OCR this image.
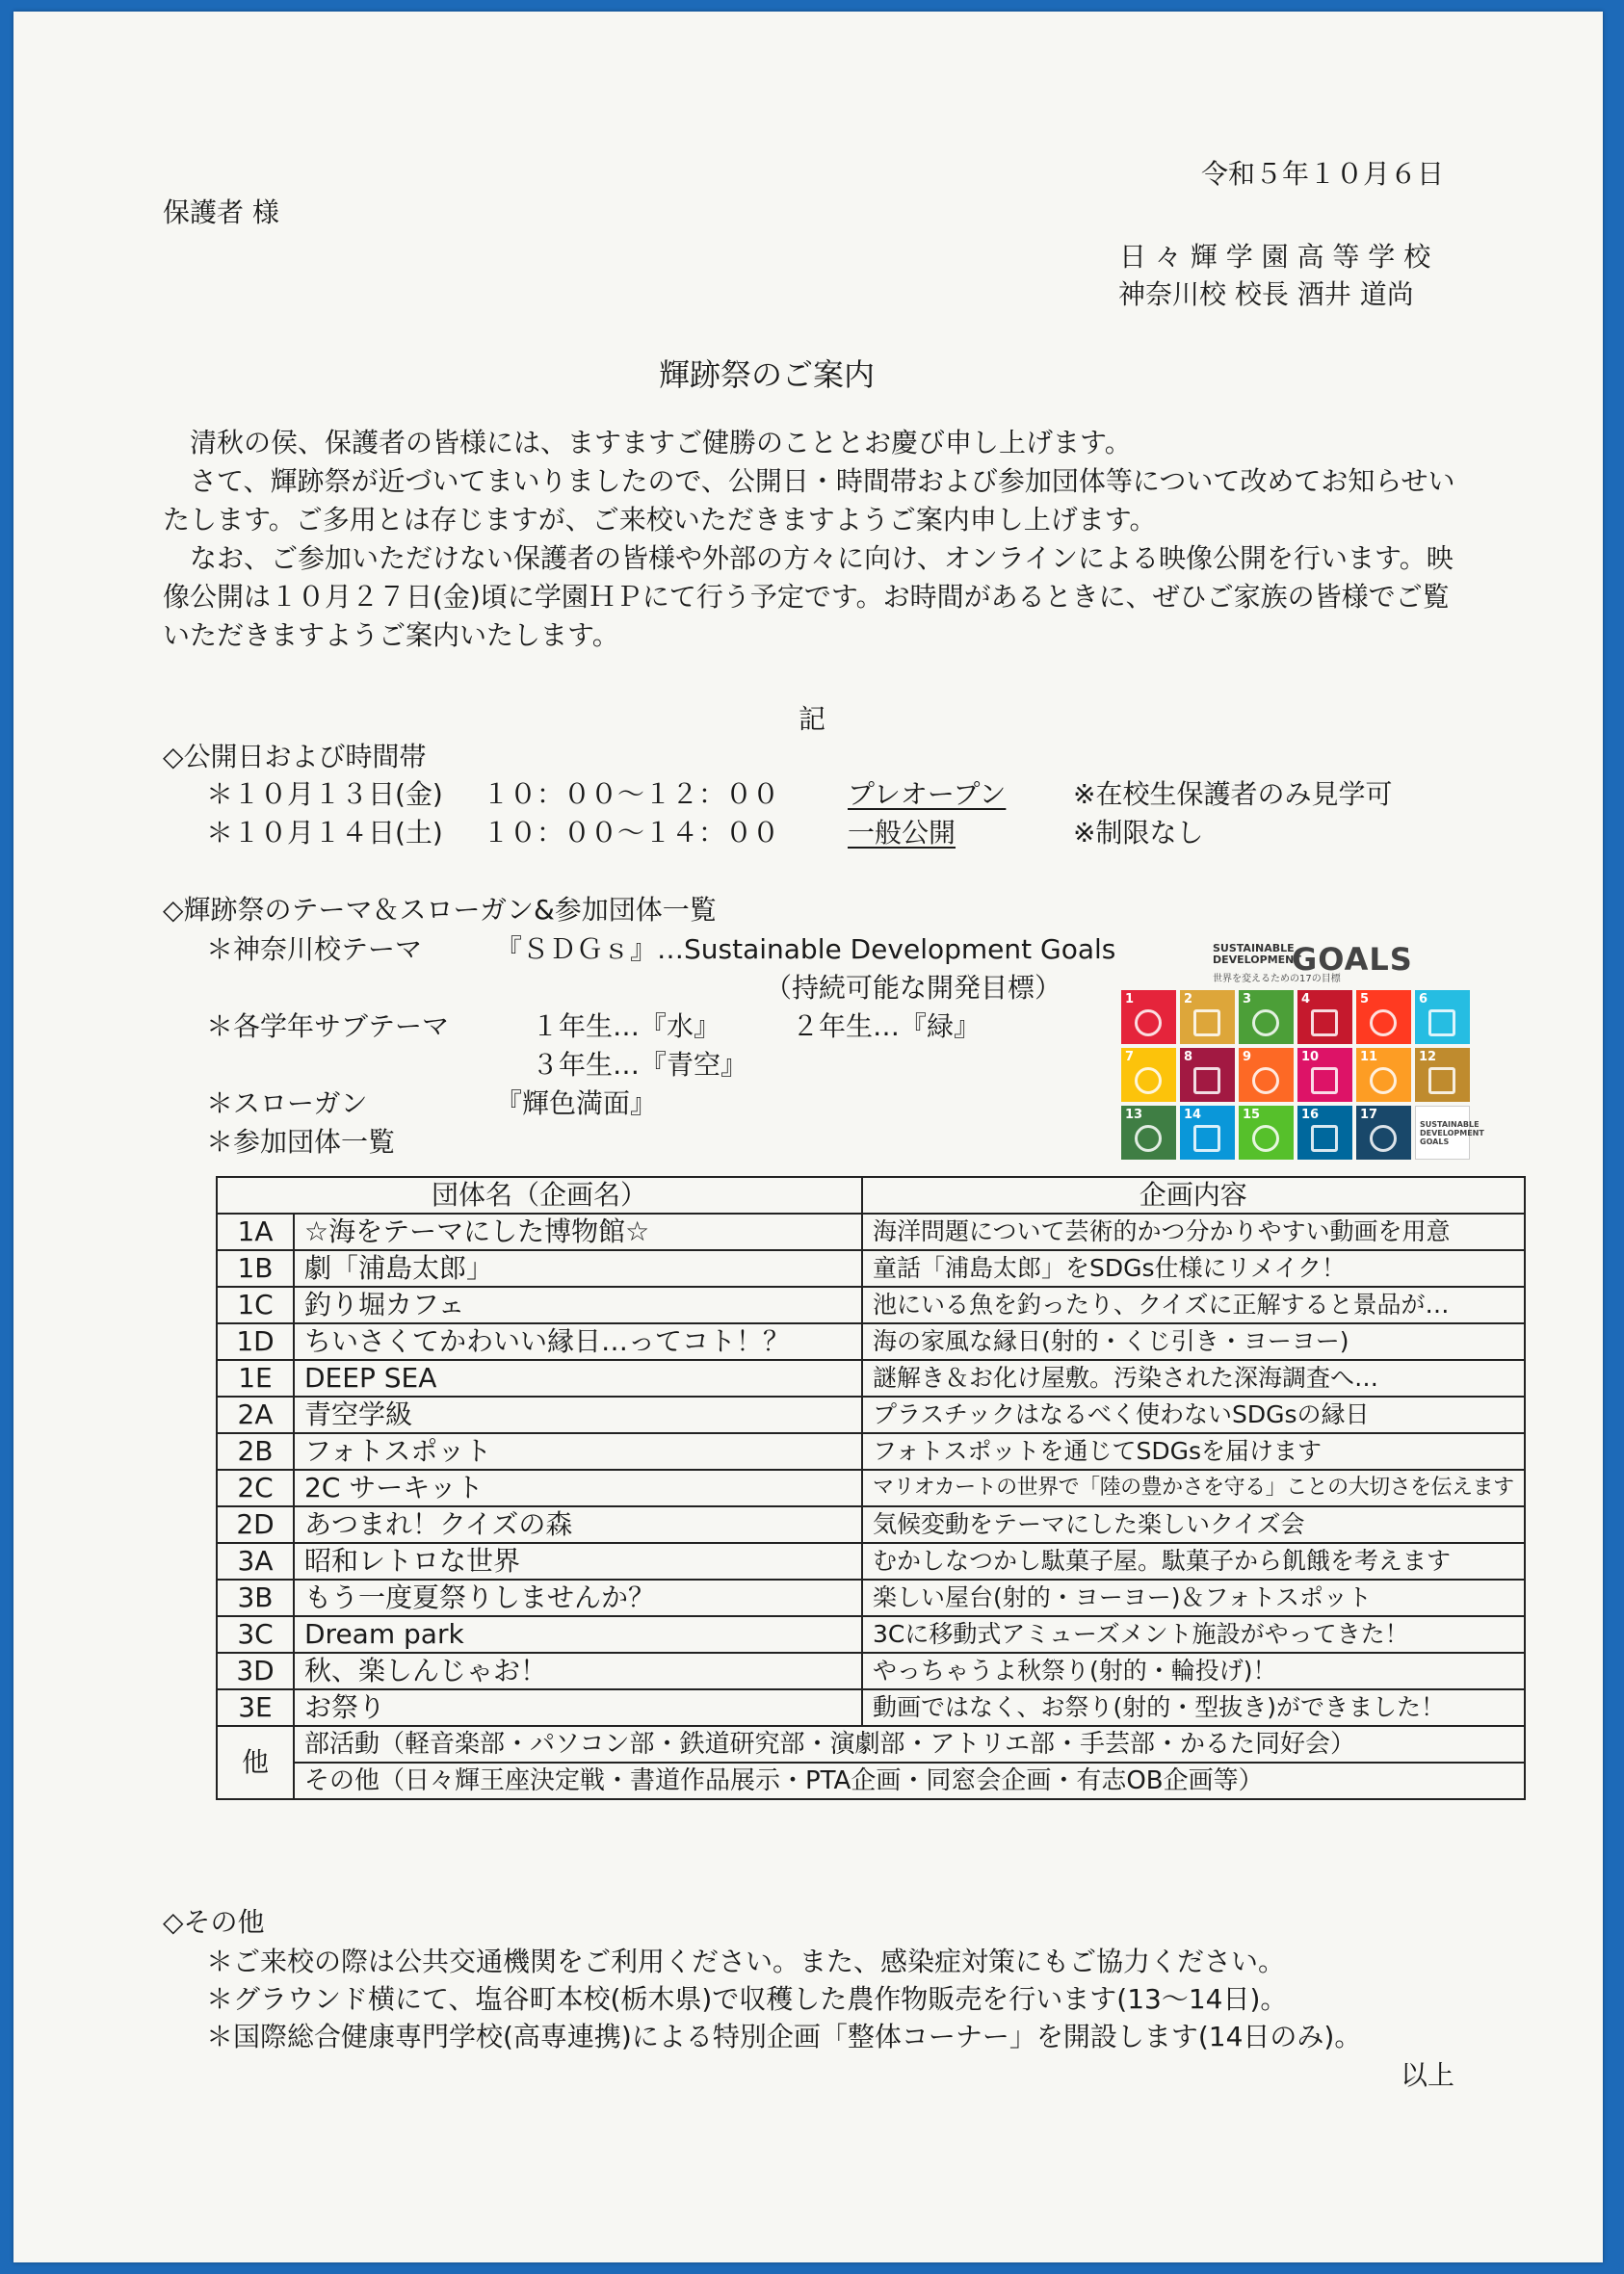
令和５年１０月６日
保護者 様
日 々 輝 学 園 高 等 学 校
神奈川校 校長 酒井 道尚
輝跡祭のご案内

清秋の侯、保護者の皆様には、ますますご健勝のこととお慶び申し上げます。

さて、輝跡祭が近づいてまいりましたので、公開日・時間帯および参加団体等について改めてお知らせいたします。ご多用とは存じますが、ご来校いただきますようご案内申し上げます。

なお、ご参加いただけない保護者の皆様や外部の方々に向け、オンラインによる映像公開を行います。映像公開は１０月２７日(金)頃に学園ＨＰにて行う予定です。お時間があるときに、ぜひご家族の皆様でご覧いただきますようご案内いたします。

記
◇公開日および時間帯
＊１０月１３日(金) １０：００〜１２：００	プレオープン ※在校生保護者のみ見学可
＊１０月１４日(土) １０：００〜１４：００	一般公開	※制限なし
◇輝跡祭のテーマ＆スローガン&参加団体一覧
＊神奈川校テーマ	『ＳＤＧｓ』…Sustainable Development Goals
（持続可能な開発目標）
＊各学年サブテーマ	１年生…『水』	２年生…『緑』
３年生…『青空』
＊スローガン	『輝色満面』
＊参加団体一覧
SUSTAINABLE
DEVELOPMENT
GOALS
世界を変えるための17の目標
1	2	3	4	5	6
7	8	9	10	11	12
13	14	15	16	17
SUSTAINABLE
DEVELOPMENT
GOALS
団体名（企画名）		企画内容
1A	☆海をテーマにした博物館☆	海洋問題について芸術的かつ分かりやすい動画を用意
1B	劇「浦島太郎」	童話「浦島太郎」をSDGs仕様にリメイク！
1C	釣り堀カフェ	池にいる魚を釣ったり、クイズに正解すると景品が…
1D	ちいさくてかわいい縁日…ってコト！？	海の家風な縁日(射的・くじ引き・ヨーヨー)
1E	DEEP SEA	謎解き＆お化け屋敷。汚染された深海調査へ…
2A	青空学級	プラスチックはなるべく使わないSDGsの縁日
2B	フォトスポット	フォトスポットを通じてSDGsを届けます
2C	2C サーキット	マリオカートの世界で「陸の豊かさを守る」ことの大切さを伝えます
2D	あつまれ！クイズの森	気候変動をテーマにした楽しいクイズ会
3A	昭和レトロな世界	むかしなつかし駄菓子屋。駄菓子から飢餓を考えます
3B	もう一度夏祭りしませんか？	楽しい屋台(射的・ヨーヨー)＆フォトスポット
3C	Dream park	3Cに移動式アミューズメント施設がやってきた！
3D	秋、楽しんじゃお！	やっちゃうよ秋祭り(射的・輪投げ)！
3E	お祭り	動画ではなく、お祭り(射的・型抜き)ができました！
他	部活動（軽音楽部・パソコン部・鉄道研究部・演劇部・アトリエ部・手芸部・かるた同好会）	
	その他（日々輝王座決定戦・書道作品展示・PTA企画・同窓会企画・有志OB企画等）	
◇その他
＊ご来校の際は公共交通機関をご利用ください。また、感染症対策にもご協力ください。
＊グラウンド横にて、塩谷町本校(栃木県)で収穫した農作物販売を行います(13〜14日)。
＊国際総合健康専門学校(高専連携)による特別企画「整体コーナー」を開設します(14日のみ)。
以上
